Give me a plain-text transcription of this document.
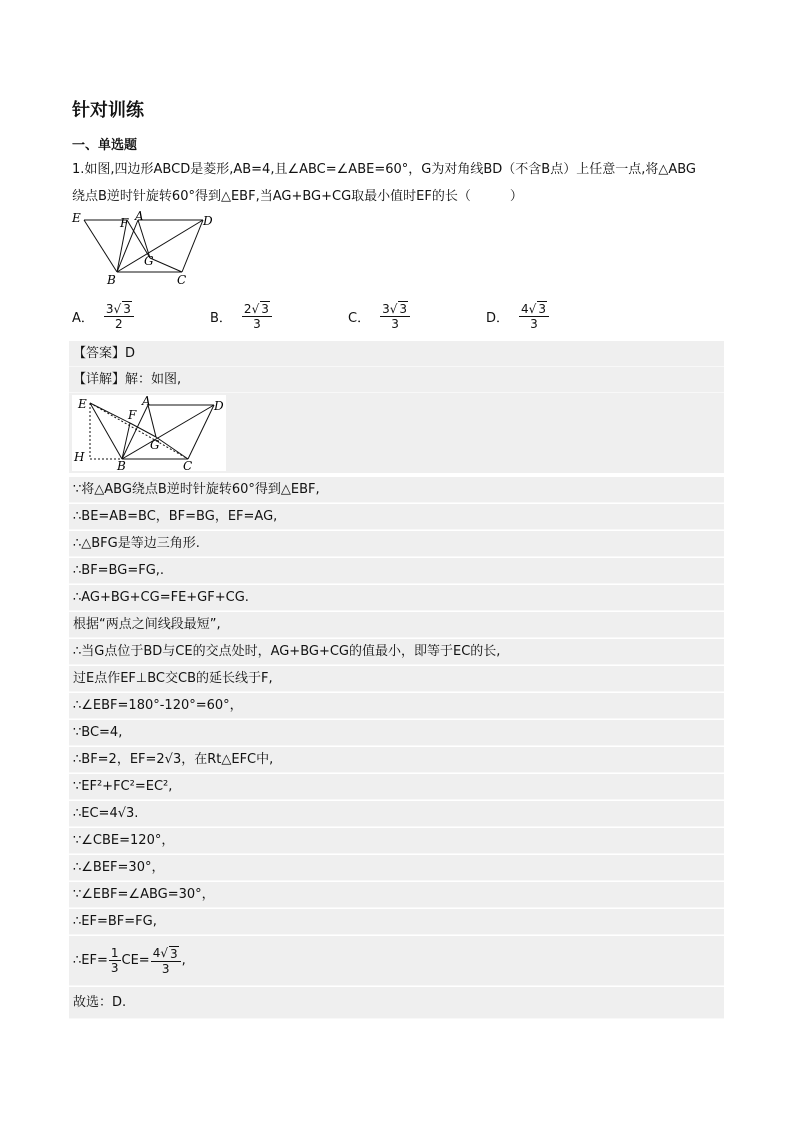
针对训练
一、单选题
1.如图,四边形ABCD是菱形,AB=4,且∠ABC=∠ABE=60°，G为对角线BD（不含B点）上任意一点,将△ABG
绕点B逆时针旋转60°得到△EBF,当AG+BG+CG取最小值时EF的长（　　　）
E	F A	D
G
B	C
A． $\frac{3 √ 3}{2}$	B． $\frac{2 √ 3}{3}$	C． $\frac{3 √ 3}{3}$	D． $\frac{4 √ 3}{3}$
【答案】D
【详解】解：如图,
E	A	D
F
G
H
B	C
∵将△ABG绕点B逆时针旋转60°得到△EBF,
∴BE=AB=BC，BF=BG，EF=AG,
∴△BFG是等边三角形.
∴BF=BG=FG,.
∴AG+BG+CG=FE+GF+CG.
根据“两点之间线段最短”,
∴当G点位于BD与CE的交点处时，AG+BG+CG的值最小，即等于EC的长,
过E点作EF⊥BC交CB的延长线于F,
∴∠EBF=180°-120°=60°，
∵BC=4,
∴BF=2，EF=2√3，在Rt△EFC中,
∵EF²+FC²=EC²,
∴EC=4√3.
∵∠CBE=120°，
∴∠BEF=30°，
∵∠EBF=∠ABG=30°，
∴EF=BF=FG,
∴EF= $\frac{1}{3} CE= \frac{4 √ 3}{3}$ ,
故选：D.
